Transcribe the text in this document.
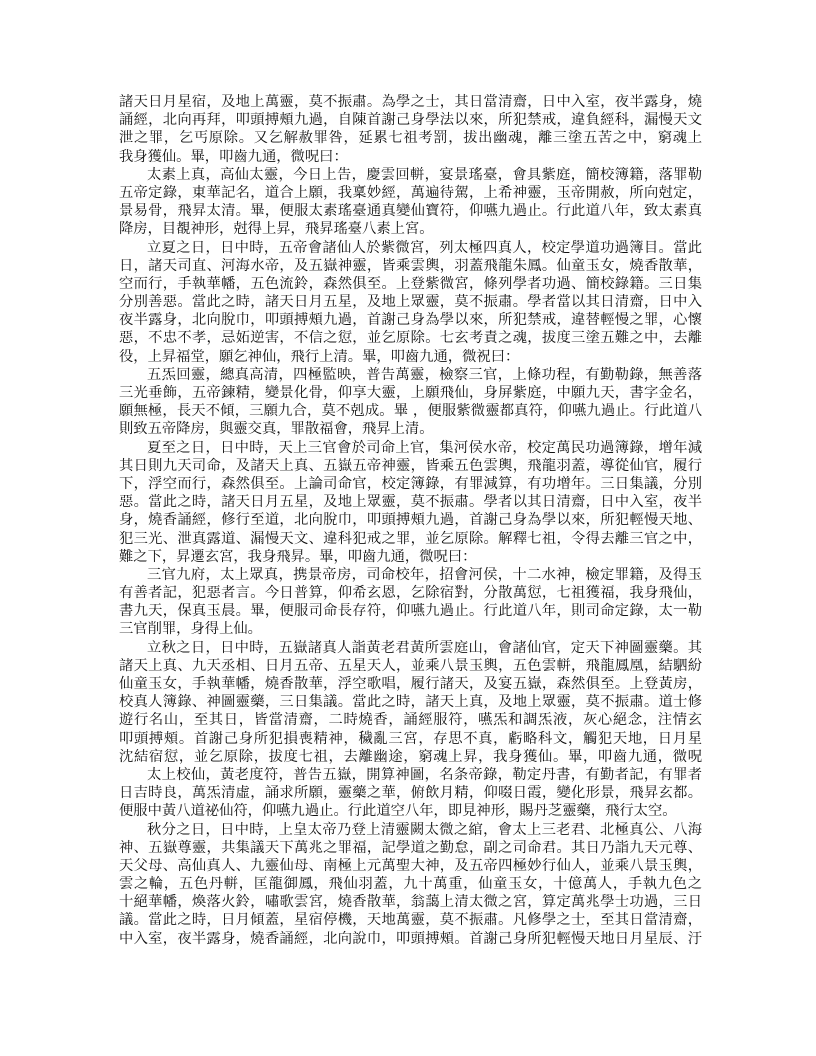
諸天日月星宿，及地上萬靈，莫不振肅。為學之士，其日當清齋，日中入室，夜半露身，燒
誦經，北向再拜，叩頭搏頰九過，自陳首謝己身學法以來，所犯禁戒，違負經科，漏慢天文
泄之罪，乞丐原除。又乞解赦罪咎，延累七祖考罰，拔出幽魂，離三塗五苦之中，窮魂上
我身獲仙。畢，叩齒九通，微呪曰：
太素上真，高仙太靈，今日上告，慶雲回軿，宴景瑤臺，會具紫庭，簡校簿籍，落罪勒
五帝定錄，東華記名，道合上願，我稟妙經，萬遍待駕，上希神靈，玉帝開赦，所向尅定，
景易骨，飛昇太清。畢，便服太素瑤臺通真變仙寶符，仰嚥九過止。行此道八年，致太素真
降房，目覩神形，尅得上昇，飛昇瑤臺八素上宮。
立夏之日，日中時，五帝會諸仙人於紫微宮，列太極四真人，校定學道功過簿目。當此
日，諸天司直、河海水帝，及五嶽神靈，皆乘雲輿，羽蓋飛龍朱鳳。仙童玉女，燒香散華，
空而行，手執華幡，五色流鈴，森然俱至。上登紫微宮，條列學者功過、簡校錄籍。三日集
分別善惡。當此之時，諸天日月五星，及地上眾靈，莫不振肅。學者當以其日清齋，日中入
夜半露身，北向脫巾，叩頭搏頰九過，首謝己身為學以來，所犯禁戒，違替輕慢之罪，心懷
惡，不忠不孝，忌妬逆害，不信之愆，並乞原除。七玄考責之魂，拔度三塗五難之中，去離
役，上昇福堂，願乞神仙，飛行上清。畢，叩齒九通，微祝曰：
五炁回靈，總真高清，四極監映，普告萬靈，檢察三官，上條功程，有勤勒錄，無善落
三光垂飾，五帝鍊精，變景化骨，仰享大靈，上願飛仙，身屏紫庭，中願九天，書字金名，
願無極，長天不傾，三願九合，莫不剋成。畢 ，便服紫微靈都真符，仰嚥九過止。行此道八
則致五帝降房，與靈交真，罪散福會，飛昇上清。
夏至之日，日中時，天上三官會於司命上官，集河侯水帝，校定萬民功過簿錄，增年減
其日則九天司命，及諸天上真、五嶽五帝神靈，皆乘五色雲輿，飛龍羽蓋，導從仙官，履行
下，浮空而行，森然俱至。上論司命官，校定簿錄，有罪減算，有功增年。三日集議，分別
惡。當此之時，諸天日月五星，及地上眾靈，莫不振肅。學者以其日清齋，日中入室，夜半
身，燒香誦經，修行至道，北向脫巾，叩頭搏頰九過，首謝己身為學以來，所犯輕慢天地、
犯三光、泄真露道、漏慢天文、違科犯戒之罪，並乞原除。解釋七祖，令得去離三官之中，
難之下，昇遷玄宮，我身飛昇。畢，叩齒九通，微呪曰：
三官九府，太上眾真，携景帝房，司命校年，招會河侯，十二水神，檢定罪籍，及得玉
有善者記，犯惡者言。今日普算，仰希玄恩，乞除宿對，分散萬愆，七祖獲福，我身飛仙，
書九天，保真玉晨。畢，便服司命長存符，仰嚥九過止。行此道八年，則司命定錄，太一勒
三官削罪，身得上仙。
立秋之日，日中時，五嶽諸真人詣黃老君黃所雲庭山，會諸仙官，定天下神圖靈藥。其
諸天上真、九天丞相、日月五帝、五星天人，並乘八景玉輿，五色雲軿，飛龍鳳凰，結駟紛
仙童玉女，手執華幡，燒香散華，浮空歌唱，履行諸天，及宴五嶽，森然俱至。上登黃房，
校真人簿錄、神圖靈藥，三日集議。當此之時，諸天上真，及地上眾靈，莫不振肅。道士修
遊行名山，至其日，皆當清齋，二時燒香，誦經服符，嚥炁和調炁液，灰心絕念，注情玄
叩頭搏頰。首謝己身所犯損喪精神，穢亂三宮，存思不真，虧略科文，觸犯天地，日月星
沈結宿愆，並乞原除，拔度七祖，去離幽途，窮魂上昇，我身獲仙。畢，叩齒九通，微呪
太上校仙，黃老度符，普告五嶽，開算神圖，名条帝錄，勒定丹書，有勤者記，有罪者
日吉時良，萬炁清虛，誦求所願，靈藥之華，俯飲月精，仰啜日霞，變化形景，飛昇玄都。
便服中黃八道祕仙符，仰嚥九過止。行此道空八年，即見神形，賜丹芝靈藥，飛行太空。
秋分之日，日中時，上皇太帝乃登上清靈闕太微之綰，會太上三老君、北極真公、八海
神、五嶽尊靈，共集議天下萬兆之罪福，記學道之勤怠，副之司命君。其日乃詣九天元尊、
天父母、高仙真人、九靈仙母、南極上元萬聖大神，及五帝四極妙行仙人，並乘八景玉輿，
雲之輪，五色丹軿，匡龍御鳳，飛仙羽蓋，九十萬重，仙童玉女，十億萬人，手執九色之
十絕華幡，煥落火鈴，嘯歌雲宮，燒香散華，翁藹上清太微之宮，算定萬兆學士功過，三日
議。當此之時，日月傾蓋，星宿停機，天地萬靈，莫不振肅。凡修學之士，至其日當清齋，
中入室，夜半露身，燒香誦經，北向說巾，叩頭搏頰。首謝己身所犯輕慢天地日月星辰、汙
